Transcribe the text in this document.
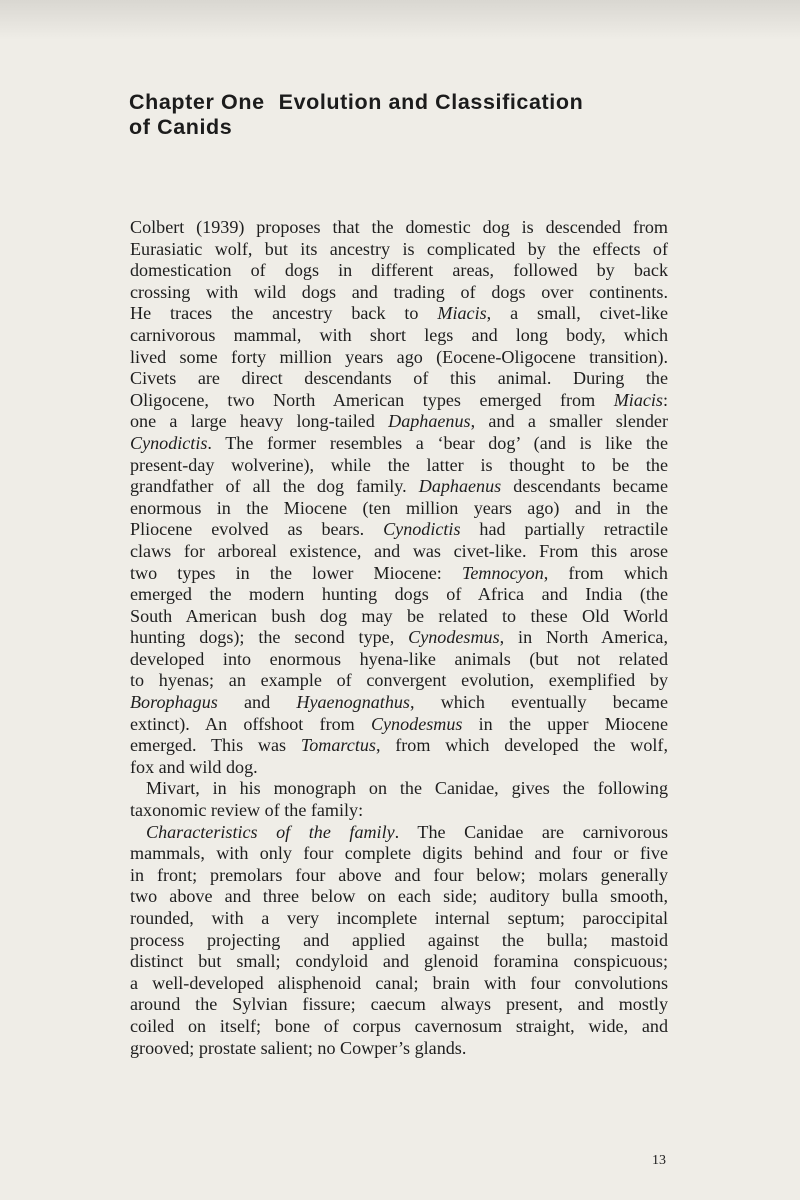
Chapter One Evolution and Classification
of Canids

Colbert (1939) proposes that the domestic dog is descended from
Eurasiatic wolf, but its ancestry is complicated by the effects of
domestication of dogs in different areas, followed by back
crossing with wild dogs and trading of dogs over continents.
He traces the ancestry back to Miacis, a small, civet-like
carnivorous mammal, with short legs and long body, which
lived some forty million years ago (Eocene-Oligocene transition).
Civets are direct descendants of this animal. During the
Oligocene, two North American types emerged from Miacis:
one a large heavy long-tailed Daphaenus, and a smaller slender
Cynodictis. The former resembles a ‘bear dog’ (and is like the
present-day wolverine), while the latter is thought to be the
grandfather of all the dog family. Daphaenus descendants became
enormous in the Miocene (ten million years ago) and in the
Pliocene evolved as bears. Cynodictis had partially retractile
claws for arboreal existence, and was civet-like. From this arose
two types in the lower Miocene: Temnocyon, from which
emerged the modern hunting dogs of Africa and India (the
South American bush dog may be related to these Old World
hunting dogs); the second type, Cynodesmus, in North America,
developed into enormous hyena-like animals (but not related
to hyenas; an example of convergent evolution, exemplified by
Borophagus and Hyaenognathus, which eventually became
extinct). An offshoot from Cynodesmus in the upper Miocene
emerged. This was Tomarctus, from which developed the wolf,
fox and wild dog.

Mivart, in his monograph on the Canidae, gives the following
taxonomic review of the family:

Characteristics of the family. The Canidae are carnivorous
mammals, with only four complete digits behind and four or five
in front; premolars four above and four below; molars generally
two above and three below on each side; auditory bulla smooth,
rounded, with a very incomplete internal septum; paroccipital
process projecting and applied against the bulla; mastoid
distinct but small; condyloid and glenoid foramina conspicuous;
a well-developed alisphenoid canal; brain with four convolutions
around the Sylvian fissure; caecum always present, and mostly
coiled on itself; bone of corpus cavernosum straight, wide, and
grooved; prostate salient; no Cowper’s glands.

13
